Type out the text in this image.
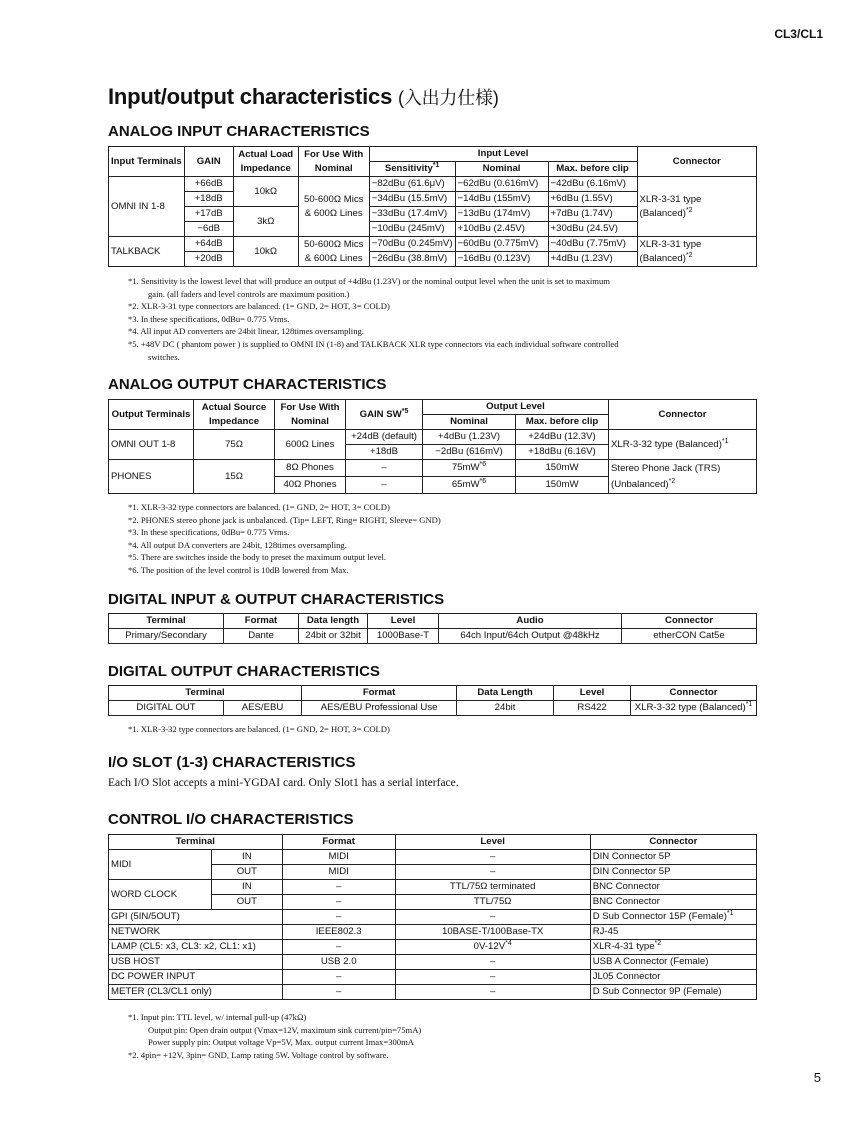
CL3/CL1
Input/output characteristics (入出力仕様)
ANALOG INPUT CHARACTERISTICS
Input Terminals	GAIN	Actual Load Impedance	For Use With Nominal	Input Level			Connector
				Sensitivity$^{*1}$	Nominal	Max. before clip	
OMNI IN 1-8	+66dB	10kΩ	50-600Ω Mics & 600Ω Lines	−82dBu (61.6μV)	−62dBu (0.616mV)	−42dBu (6.16mV)	XLR-3-31 type (Balanced)$^{*2}$
	+18dB			−34dBu (15.5mV)	−14dBu (155mV)	+6dBu (1.55V)	
	+17dB	3kΩ		−33dBu (17.4mV)	−13dBu (174mV)	+7dBu (1.74V)	
	−6dB			−10dBu (245mV)	+10dBu (2.45V)	+30dBu (24.5V)	
TALKBACK	+64dB	10kΩ	50-600Ω Mics & 600Ω Lines	−70dBu (0.245mV)	−60dBu (0.775mV)	−40dBu (7.75mV)	XLR-3-31 type (Balanced)$^{*2}$
	+20dB			−26dBu (38.8mV)	−16dBu (0.123V)	+4dBu (1.23V)	
*1. Sensitivity is the lowest level that will produce an output of +4dBu (1.23V) or the nominal output level when the unit is set to maximum
gain. (all faders and level controls are maximum position.)
*2. XLR-3-31 type connectors are balanced. (1= GND, 2= HOT, 3= COLD)
*3. In these specifications, 0dBu= 0.775 Vrms.
*4. All input AD converters are 24bit linear, 128times oversampling.
*5. +48V DC ( phantom power ) is supplied to OMNI IN (1-8) and TALKBACK XLR type connectors via each individual software controlled
switches.
ANALOG OUTPUT CHARACTERISTICS
Output Terminals	Actual Source Impedance	For Use With Nominal	GAIN SW$^{*5}$	Output Level		Connector
				Nominal	Max. before clip	
OMNI OUT 1-8	75Ω	600Ω Lines	+24dB (default)	+4dBu (1.23V)	+24dBu (12.3V)	XLR-3-32 type (Balanced)$^{*1}$
			+18dB	−2dBu (616mV)	+18dBu (6.16V)	
PHONES	15Ω	8Ω Phones	–	$75mW^{*6}$	150mW	Stereo Phone Jack (TRS) (Unbalanced)$^{*2}$
		40Ω Phones	–	$65mW^{*6}$	150mW	
*1. XLR-3-32 type connectors are balanced. (1= GND, 2= HOT, 3= COLD)
*2. PHONES stereo phone jack is unbalanced. (Tip= LEFT, Ring= RIGHT, Sleeve= GND)
*3. In these specifications, 0dBu= 0.775 Vrms.
*4. All output DA converters are 24bit, 128times oversampling.
*5. There are switches inside the body to preset the maximum output level.
*6. The position of the level control is 10dB lowered from Max.
DIGITAL INPUT & OUTPUT CHARACTERISTICS
Terminal	Format	Data length	Level	Audio	Connector
Primary/Secondary	Dante	24bit or 32bit	1000Base-T	64ch Input/64ch Output @48kHz	etherCON Cat5e
DIGITAL OUTPUT CHARACTERISTICS
Terminal		Format	Data Length	Level	Connector
DIGITAL OUT	AES/EBU	AES/EBU Professional Use	24bit	RS422	XLR-3-32 type (Balanced)$^{*1}$
*1. XLR-3-32 type connectors are balanced. (1= GND, 2= HOT, 3= COLD)
I/O SLOT (1-3) CHARACTERISTICS
Each I/O Slot accepts a mini-YGDAI card. Only Slot1 has a serial interface.
CONTROL I/O CHARACTERISTICS
Terminal		Format	Level	Connector
MIDI	IN	MIDI	–	DIN Connector 5P
	OUT	MIDI	–	DIN Connector 5P
WORD CLOCK	IN	–	TTL/75Ω terminated	BNC Connector
	OUT	–	TTL/75Ω	BNC Connector
GPI (5IN/5OUT)		–	–	D Sub Connector 15P (Female)$^{*1}$
NETWORK		IEEE802.3	10BASE-T/100Base-TX	RJ-45
LAMP (CL5: x3, CL3: x2, CL1: x1)		–	$0V-12V^{*4}$	XLR-4-31 type$^{*2}$
USB HOST		USB 2.0	–	USB A Connector (Female)
DC POWER INPUT		–	–	JL05 Connector
METER (CL3/CL1 only)		–	–	D Sub Connector 9P (Female)
*1. Input pin: TTL level, w/ internal pull-up (47kΩ)
Output pin: Open drain output (Vmax=12V, maximum sink current/pin=75mA)
Power supply pin: Output voltage Vp=5V, Max. output current Imax=300mA
*2. 4pin= +12V, 3pin= GND, Lamp rating 5W. Voltage control by software.
5
